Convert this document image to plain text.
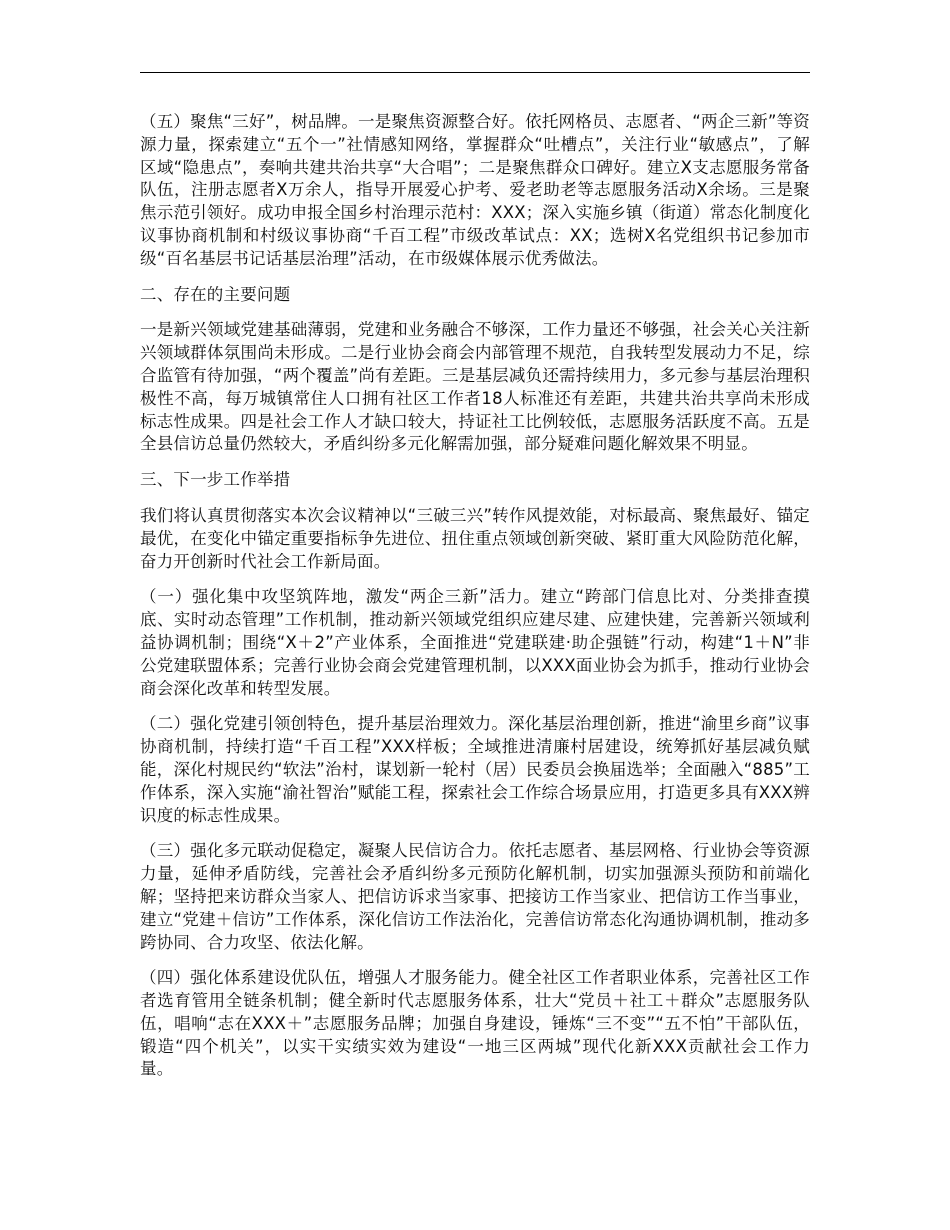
（五）聚焦“三好”，树品牌。一是聚焦资源整合好。依托网格员、志愿者、“两企三新”等资源力量，探索建立“五个一”社情感知网络，掌握群众“吐槽点”，关注行业“敏感点”，了解区域“隐患点”，奏响共建共治共享“大合唱”；二是聚焦群众口碑好。建立X支志愿服务常备队伍，注册志愿者X万余人，指导开展爱心护考、爱老助老等志愿服务活动X余场。三是聚焦示范引领好。成功申报全国乡村治理示范村：XXX；深入实施乡镇（街道）常态化制度化议事协商机制和村级议事协商“千百工程”市级改革试点：XX；选树X名党组织书记参加市级“百名基层书记话基层治理”活动，在市级媒体展示优秀做法。

二、存在的主要问题

一是新兴领域党建基础薄弱，党建和业务融合不够深，工作力量还不够强，社会关心关注新兴领域群体氛围尚未形成。二是行业协会商会内部管理不规范，自我转型发展动力不足，综合监管有待加强，“两个覆盖”尚有差距。三是基层减负还需持续用力，多元参与基层治理积极性不高，每万城镇常住人口拥有社区工作者18人标准还有差距，共建共治共享尚未形成标志性成果。四是社会工作人才缺口较大，持证社工比例较低，志愿服务活跃度不高。五是全县信访总量仍然较大，矛盾纠纷多元化解需加强，部分疑难问题化解效果不明显。

三、下一步工作举措

我们将认真贯彻落实本次会议精神以“三破三兴”转作风提效能，对标最高、聚焦最好、锚定最优，在变化中锚定重要指标争先进位、扭住重点领域创新突破、紧盯重大风险防范化解，奋力开创新时代社会工作新局面。

（一）强化集中攻坚筑阵地，激发“两企三新”活力。建立“跨部门信息比对、分类排查摸底、实时动态管理”工作机制，推动新兴领域党组织应建尽建、应建快建，完善新兴领域利益协调机制；围绕“X＋2”产业体系，全面推进“党建联建·助企强链”行动，构建“1＋N”非公党建联盟体系；完善行业协会商会党建管理机制，以XXX面业协会为抓手，推动行业协会商会深化改革和转型发展。

（二）强化党建引领创特色，提升基层治理效力。深化基层治理创新，推进“渝里乡商”议事协商机制，持续打造“千百工程”XXX样板；全域推进清廉村居建设，统筹抓好基层减负赋能，深化村规民约“软法”治村，谋划新一轮村（居）民委员会换届选举；全面融入“885”工作体系，深入实施“渝社智治”赋能工程，探索社会工作综合场景应用，打造更多具有XXX辨识度的标志性成果。

（三）强化多元联动促稳定，凝聚人民信访合力。依托志愿者、基层网格、行业协会等资源力量，延伸矛盾防线，完善社会矛盾纠纷多元预防化解机制，切实加强源头预防和前端化解；坚持把来访群众当家人、把信访诉求当家事、把接访工作当家业、把信访工作当事业，建立“党建＋信访”工作体系，深化信访工作法治化，完善信访常态化沟通协调机制，推动多跨协同、合力攻坚、依法化解。

（四）强化体系建设优队伍，增强人才服务能力。健全社区工作者职业体系，完善社区工作者选育管用全链条机制；健全新时代志愿服务体系，壮大“党员＋社工＋群众”志愿服务队伍，唱响“志在XXX＋”志愿服务品牌；加强自身建设，锤炼“三不变”“五不怕”干部队伍，锻造“四个机关”，以实干实绩实效为建设“一地三区两城”现代化新XXX贡献社会工作力量。
